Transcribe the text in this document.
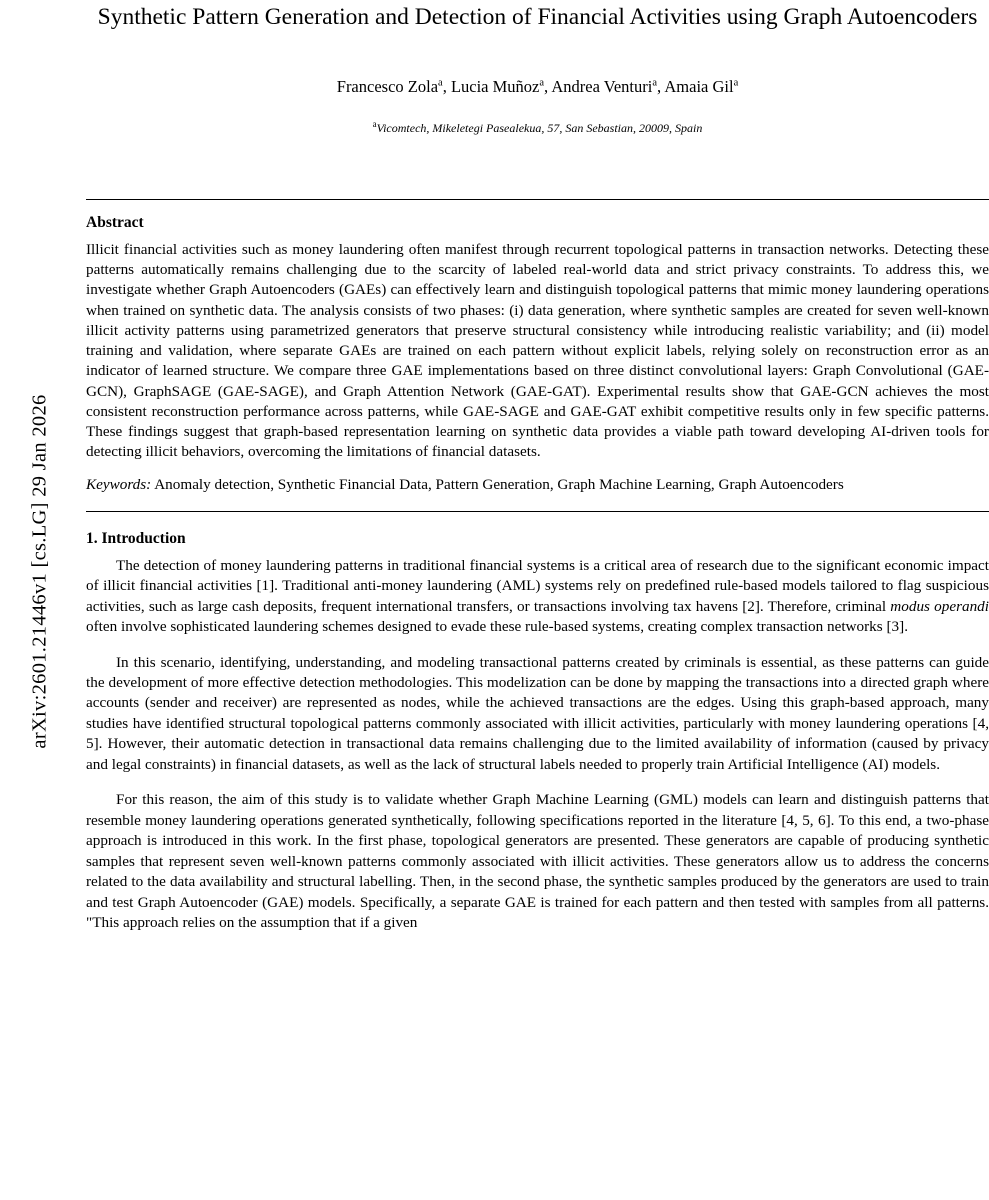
arXiv:2601.21446v1 [cs.LG] 29 Jan 2026
Synthetic Pattern Generation and Detection of Financial Activities using Graph Autoencoders
Francesco Zola$^a$, Lucia Muñoz$^a$, Andrea Venturi$^a$, Amaia Gil$^a$
$^a$Vicomtech, Mikeletegi Pasealekua, 57, San Sebastian, 20009, Spain
Abstract
Illicit financial activities such as money laundering often manifest through recurrent topological patterns in transaction networks. Detecting these patterns automatically remains challenging due to the scarcity of labeled real-world data and strict privacy constraints. To address this, we investigate whether Graph Autoencoders (GAEs) can effectively learn and distinguish topological patterns that mimic money laundering operations when trained on synthetic data. The analysis consists of two phases: (i) data generation, where synthetic samples are created for seven well-known illicit activity patterns using parametrized generators that preserve structural consistency while introducing realistic variability; and (ii) model training and validation, where separate GAEs are trained on each pattern without explicit labels, relying solely on reconstruction error as an indicator of learned structure. We compare three GAE implementations based on three distinct convolutional layers: Graph Convolutional (GAE-GCN), GraphSAGE (GAE-SAGE), and Graph Attention Network (GAE-GAT). Experimental results show that GAE-GCN achieves the most consistent reconstruction performance across patterns, while GAE-SAGE and GAE-GAT exhibit competitive results only in few specific patterns. These findings suggest that graph-based representation learning on synthetic data provides a viable path toward developing AI-driven tools for detecting illicit behaviors, overcoming the limitations of financial datasets.
Keywords: Anomaly detection, Synthetic Financial Data, Pattern Generation, Graph Machine Learning, Graph Autoencoders
1. Introduction

The detection of money laundering patterns in traditional financial systems is a critical area of research due to the significant economic impact of illicit financial activities [1]. Traditional anti-money laundering (AML) systems rely on predefined rule-based models tailored to flag suspicious activities, such as large cash deposits, frequent international transfers, or transactions involving tax havens [2]. Therefore, criminal modus operandi often involve sophisticated laundering schemes designed to evade these rule-based systems, creating complex transaction networks [3].

In this scenario, identifying, understanding, and modeling transactional patterns created by criminals is essential, as these patterns can guide the development of more effective detection methodologies. This modelization can be done by mapping the transactions into a directed graph where accounts (sender and receiver) are represented as nodes, while the achieved transactions are the edges. Using this graph-based approach, many studies have identified structural topological patterns commonly associated with illicit activities, particularly with money laundering operations [4, 5]. However, their automatic detection in transactional data remains challenging due to the limited availability of information (caused by privacy and legal constraints) in financial datasets, as well as the lack of structural labels needed to properly train Artificial Intelligence (AI) models.

For this reason, the aim of this study is to validate whether Graph Machine Learning (GML) models can learn and distinguish patterns that resemble money laundering operations generated synthetically, following specifications reported in the literature [4, 5, 6]. To this end, a two-phase approach is introduced in this work. In the first phase, topological generators are presented. These generators are capable of producing synthetic samples that represent seven well-known patterns commonly associated with illicit activities. These generators allow us to address the concerns related to the data availability and structural labelling. Then, in the second phase, the synthetic samples produced by the generators are used to train and test Graph Autoencoder (GAE) models. Specifically, a separate GAE is trained for each pattern and then tested with samples from all patterns. "This approach relies on the assumption that if a given
